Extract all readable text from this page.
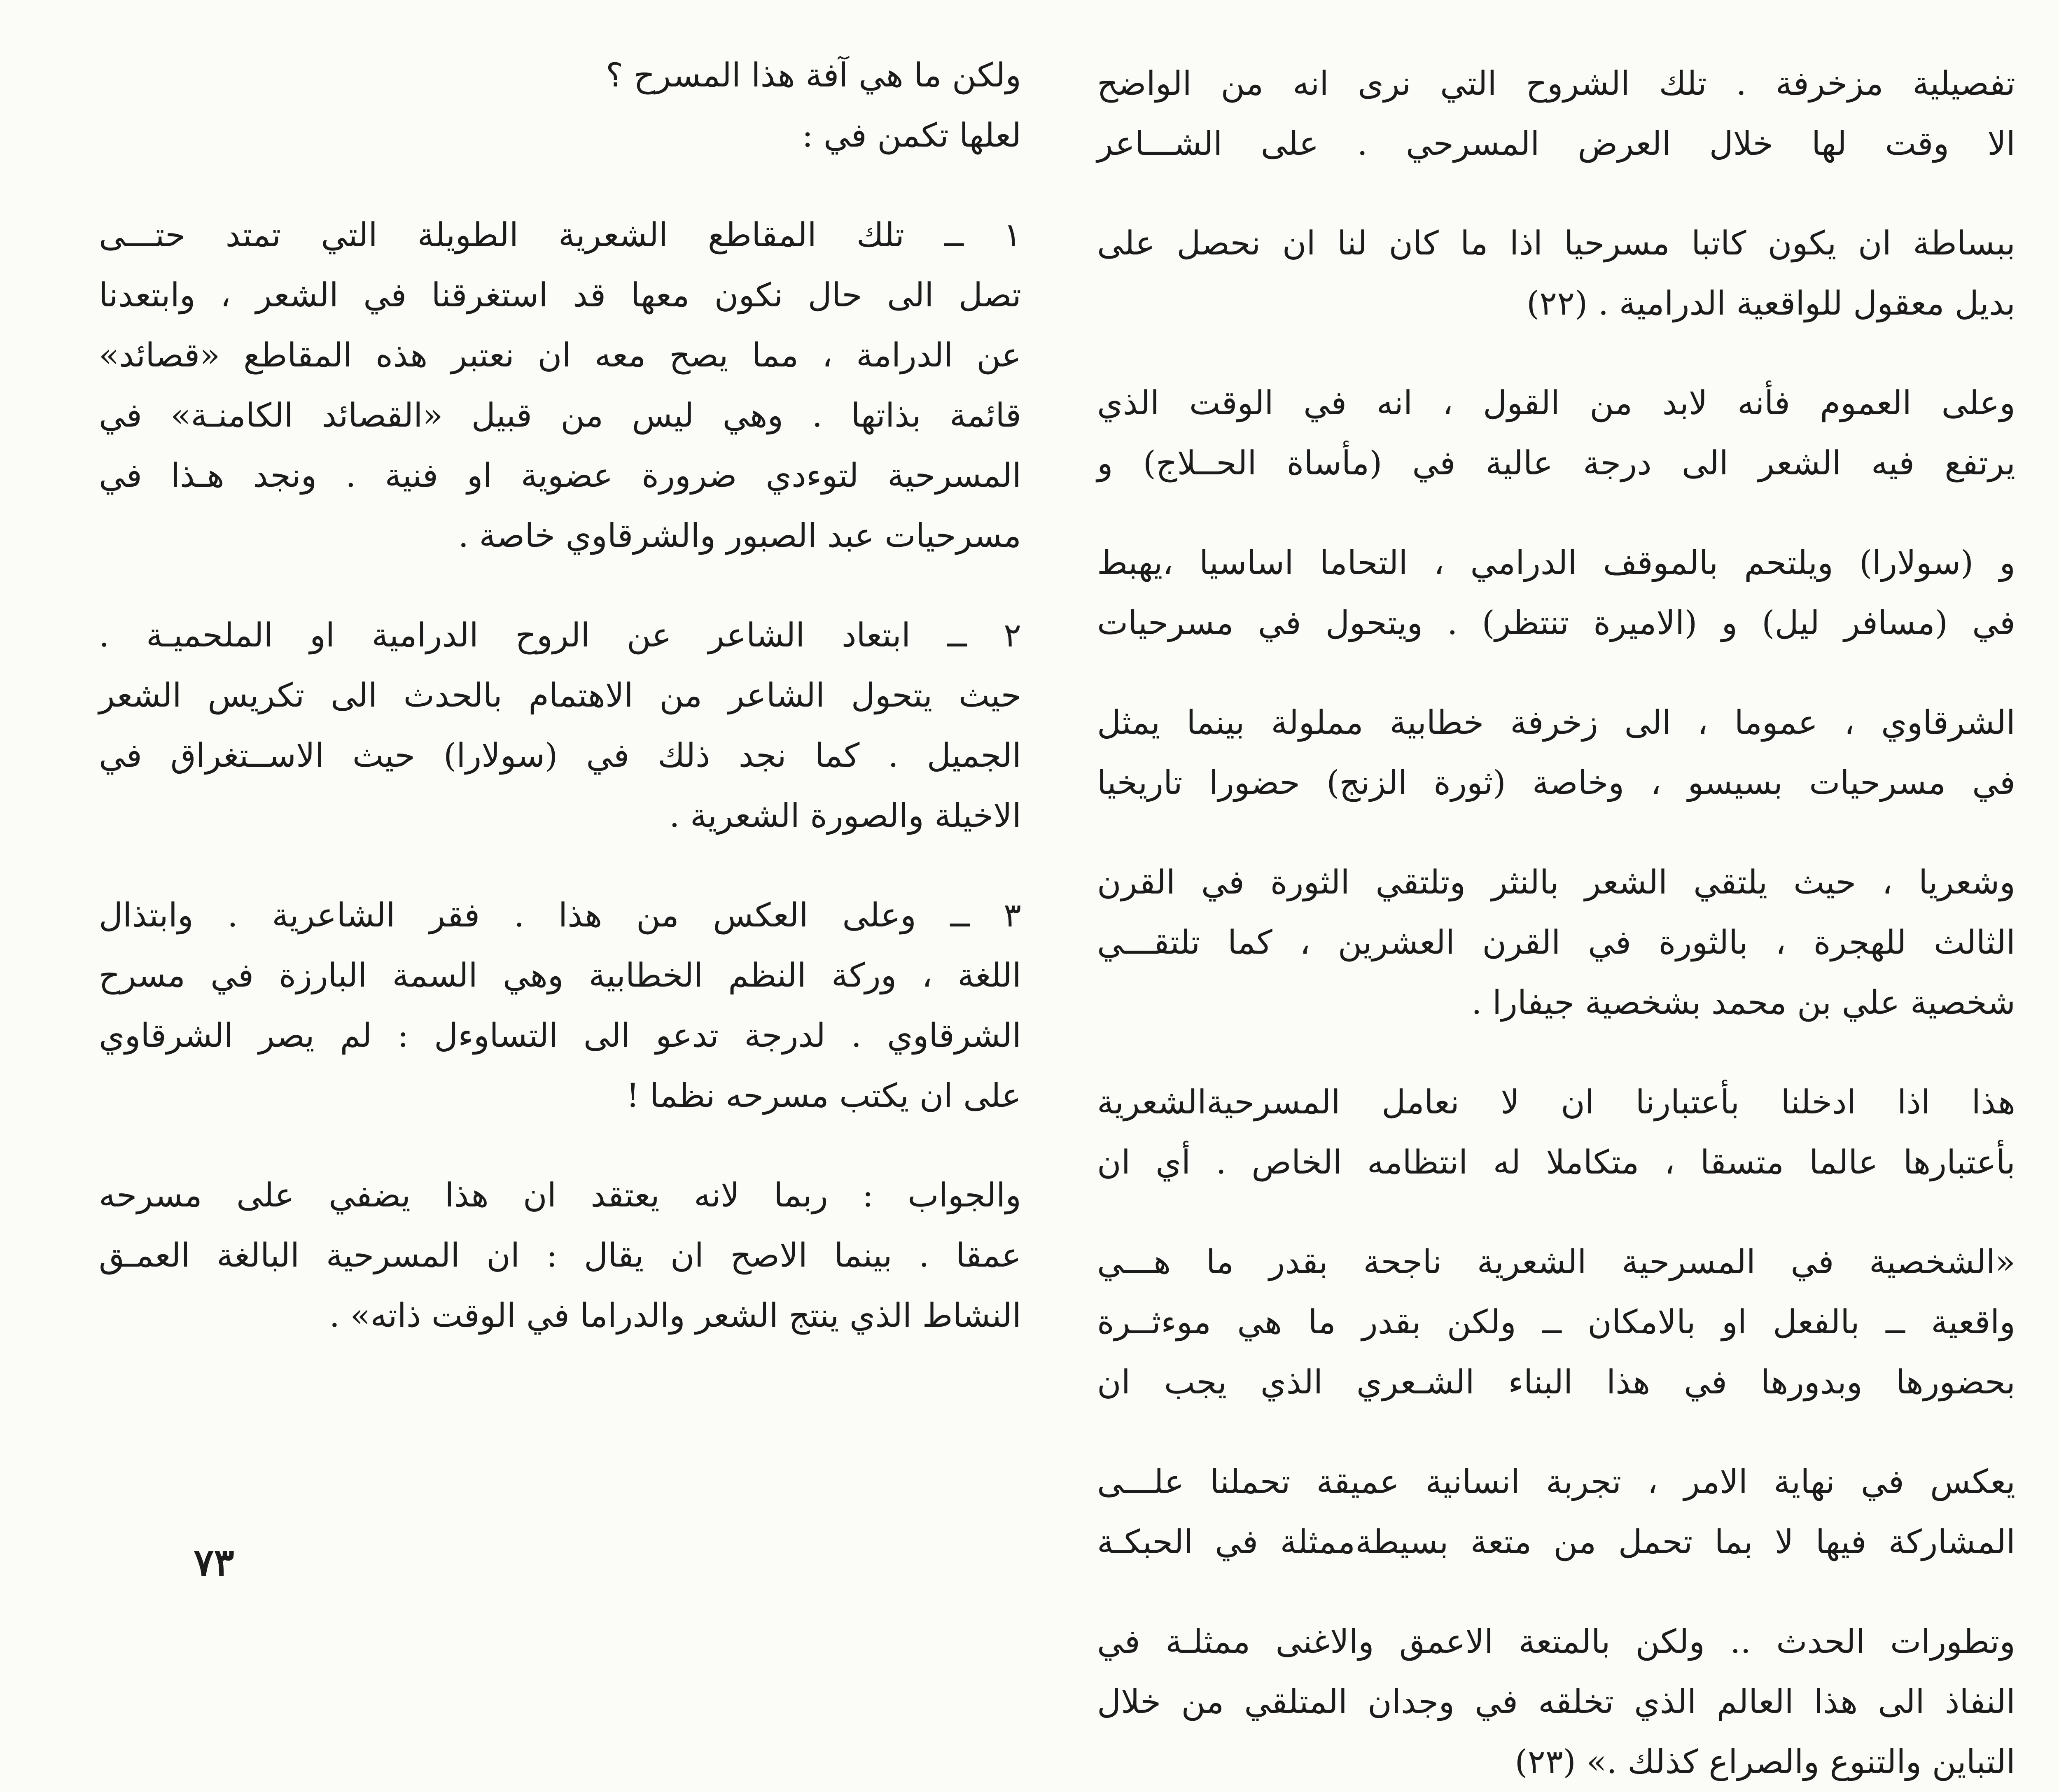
تفصيلية مزخرفة . تلك الشروح التي نرى انه من الواضح
الا وقت لها خلال العرض المسرحي . على الشـــاعر
ببساطة ان يكون كاتبا مسرحيا اذا ما كان لنا ان نحصل على
بديل معقول للواقعية الدرامية . (٢٢)
وعلى العموم فأنه لابد من القول ، انه في الوقت الذي
يرتفع فيه الشعر الى درجة عالية في (مأساة الحــلاج) و
و (سولارا) ويلتحم بالموقف الدرامي ، التحاما اساسيا ،يهبط
في (مسافر ليل) و (الاميرة تنتظر) . ويتحول في مسرحيات
الشرقاوي ، عموما ، الى زخرفة خطابية مملولة بينما يمثل
في مسرحيات بسيسو ، وخاصة (ثورة الزنج) حضورا تاريخيا
وشعريا ، حيث يلتقي الشعر بالنثر وتلتقي الثورة في القرن
الثالث للهجرة ، بالثورة في القرن العشرين ، كما تلتقـــي
شخصية علي بن محمد بشخصية جيفارا .
هذا اذا ادخلنا بأعتبارنا ان لا نعامل المسرحيةالشعرية
بأعتبارها عالما متسقا ، متكاملا له انتظامه الخاص . أي ان
«الشخصية في المسرحية الشعرية ناجحة بقدر ما هـــي
واقعية ــ بالفعل او بالامكان ــ ولكن بقدر ما هي موءثــرة
بحضورها وبدورها في هذا البناء الشـعري الذي يجب ان
يعكس في نهاية الامر ، تجربة انسانية عميقة تحملنا علـــى
المشاركة فيها لا بما تحمل من متعة بسيطةممثلة في الحبكـة
وتطورات الحدث .. ولكن بالمتعة الاعمق والاغنى ممثلـة في
النفاذ الى هذا العالم الذي تخلقه في وجدان المتلقي من خلال
التباين والتنوع والصراع كذلك .» (٢٣)
ولكن ما هي آفة هذا المسرح ؟
لعلها تكمن في :
١ ــ تلك المقاطع الشعرية الطويلة التي تمتد حتـــى
تصل الى حال نكون معها قد استغرقنا في الشعر ، وابتعدنا
عن الدرامة ، مما يصح معه ان نعتبر هذه المقاطع «قصائد»
قائمة بذاتها . وهي ليس من قبيل «القصائد الكامنـة» في
المسرحية لتوءدي ضرورة عضوية او فنية . ونجد هـذا في
مسرحيات عبد الصبور والشرقاوي خاصة .
٢ ــ ابتعاد الشاعر عن الروح الدرامية او الملحميـة .
حيث يتحول الشاعر من الاهتمام بالحدث الى تكريس الشعر
الجميل . كما نجد ذلك في (سولارا) حيث الاســتغراق في
الاخيلة والصورة الشعرية .
٣ ــ وعلى العكس من هذا . فقر الشاعرية . وابتذال
اللغة ، وركة النظم الخطابية وهي السمة البارزة في مسرح
الشرقاوي . لدرجة تدعو الى التساوءل : لم يصر الشرقاوي
على ان يكتب مسرحه نظما !
والجواب : ربما لانه يعتقد ان هذا يضفي على مسرحه
عمقا . بينما الاصح ان يقال : ان المسرحية البالغة العمـق
النشاط الذي ينتج الشعر والدراما في الوقت ذاته» .
٧٣
